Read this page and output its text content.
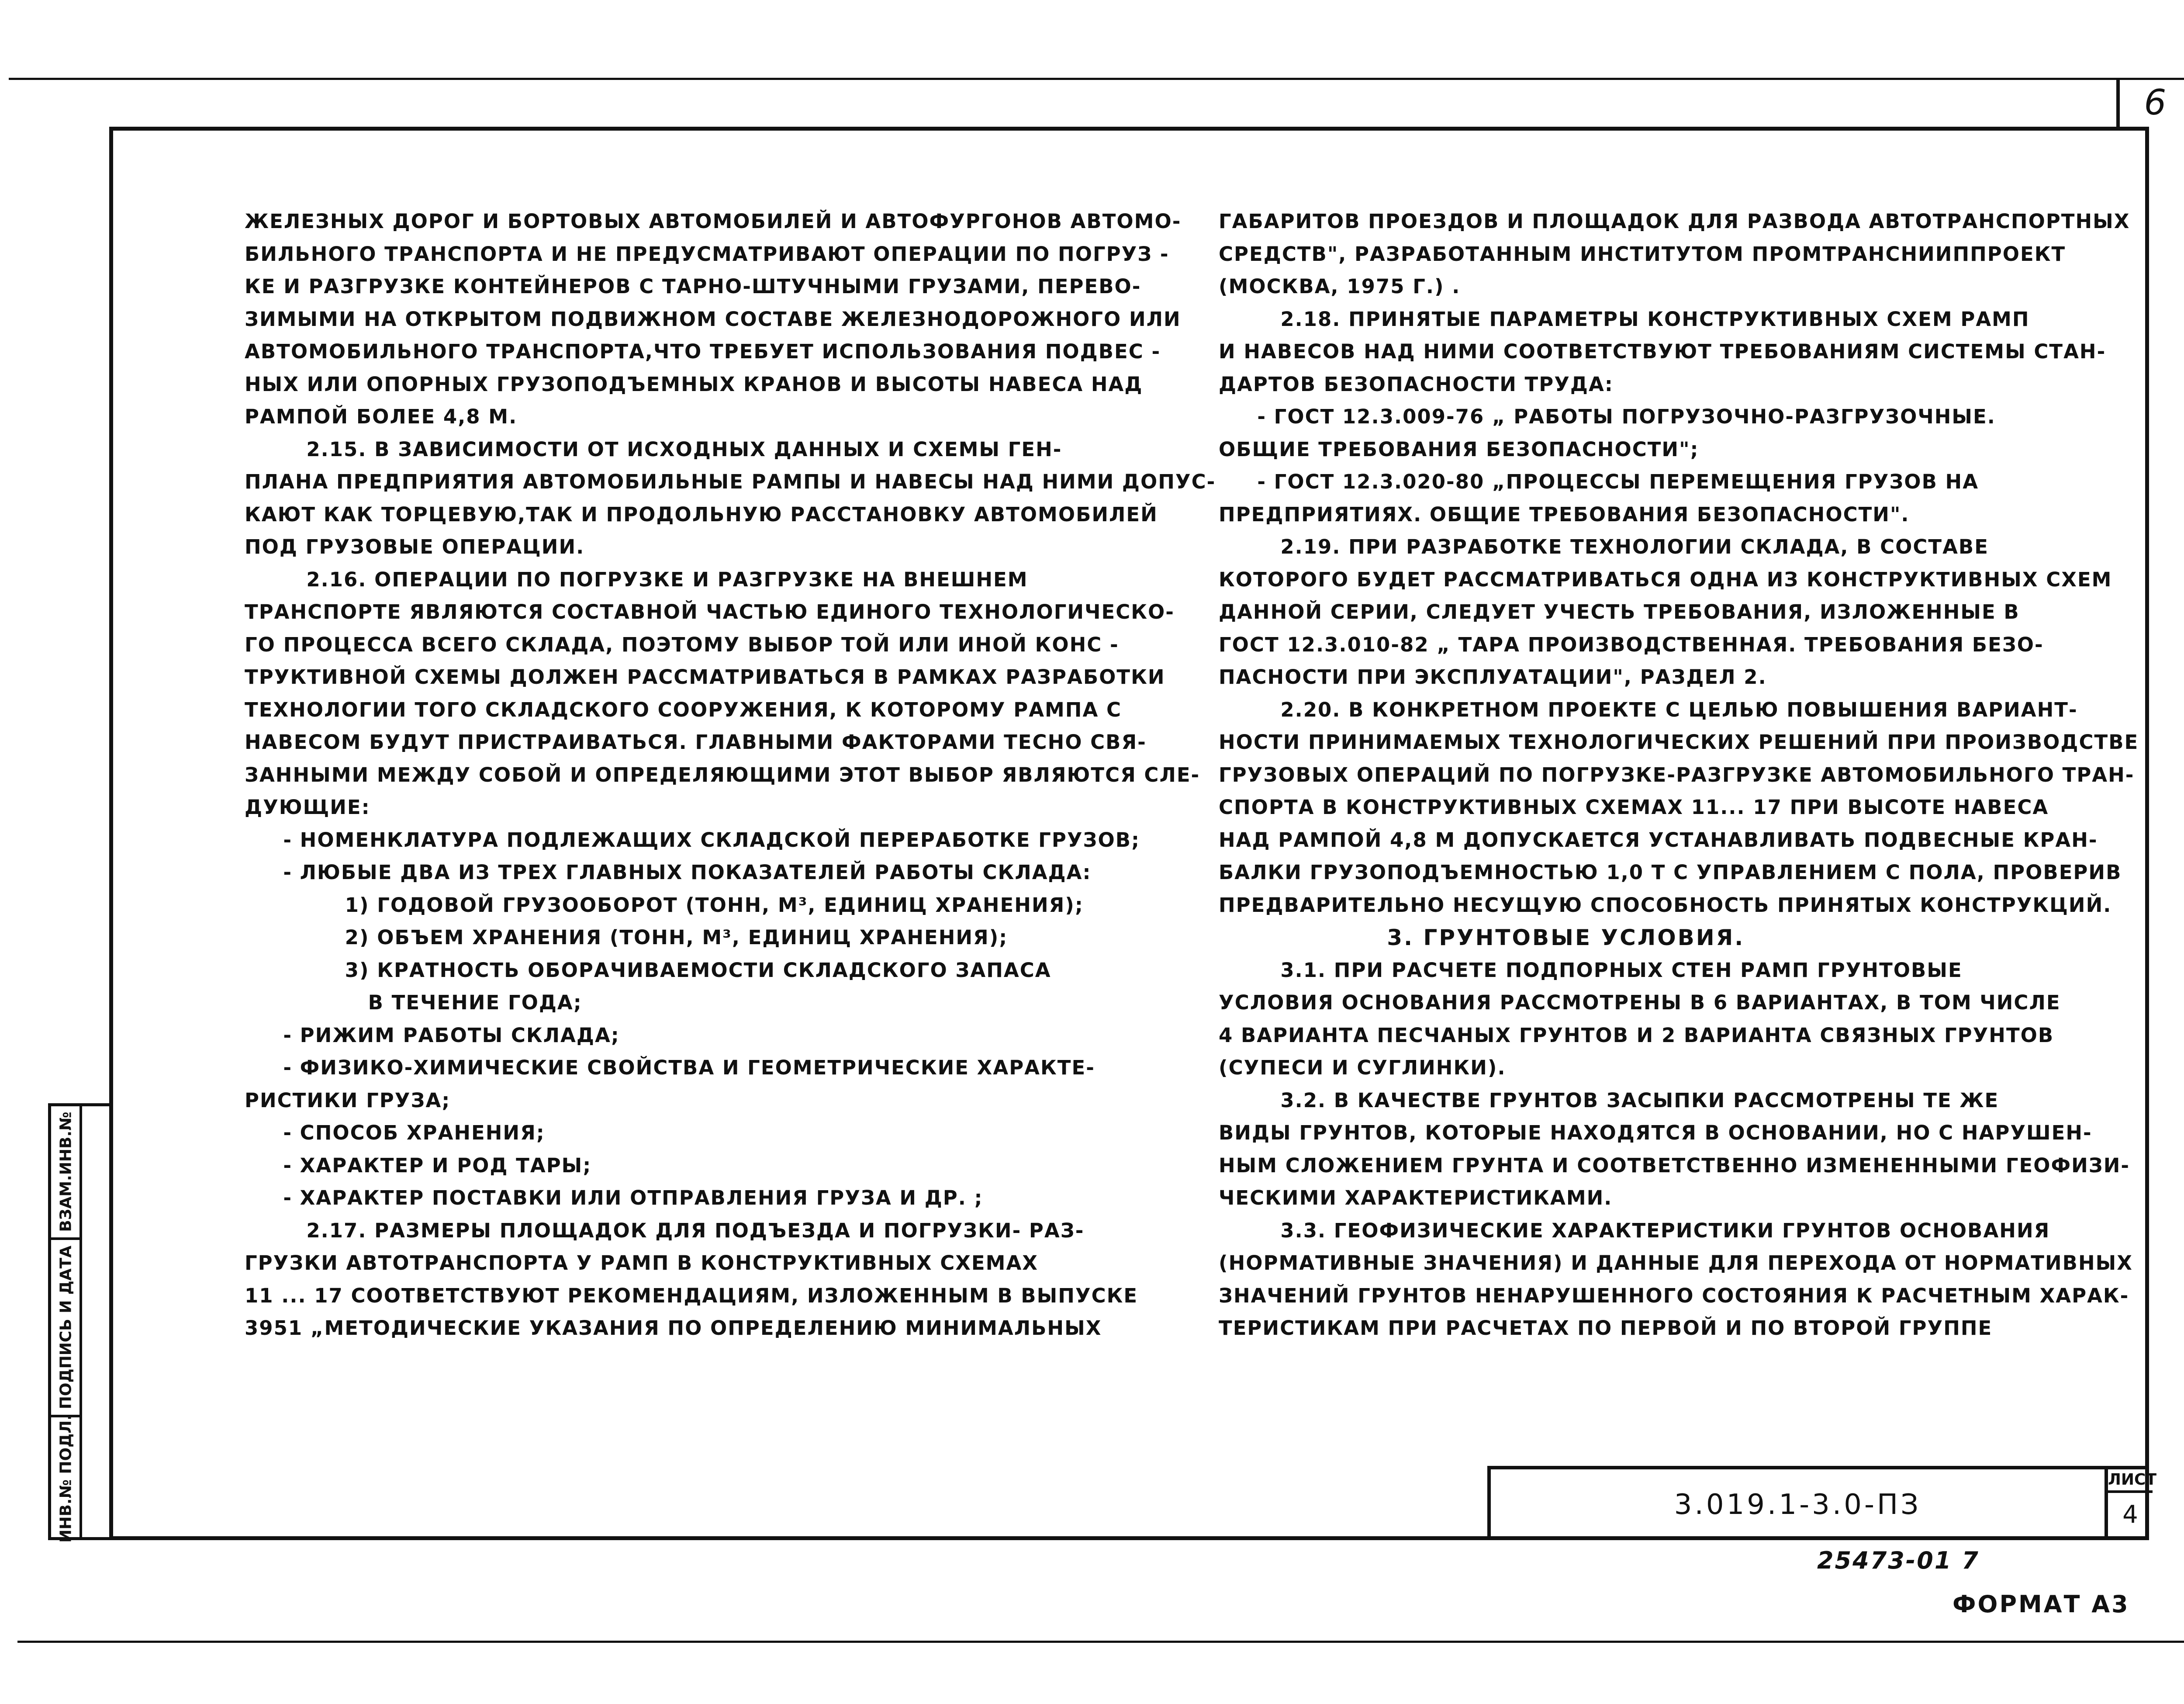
6
ЖЕЛЕЗНЫХ ДОРОГ И БОРТОВЫХ АВТОМОБИЛЕЙ И АВТОФУРГОНОВ АВТОМО-
БИЛЬНОГО ТРАНСПОРТА И НЕ ПРЕДУСМАТРИВАЮТ ОПЕРАЦИИ ПО ПОГРУЗ -
КЕ И РАЗГРУЗКЕ КОНТЕЙНЕРОВ С ТАРНО-ШТУЧНЫМИ ГРУЗАМИ, ПЕРЕВО-
ЗИМЫМИ НА ОТКРЫТОМ ПОДВИЖНОМ СОСТАВЕ ЖЕЛЕЗНОДОРОЖНОГО ИЛИ
АВТОМОБИЛЬНОГО ТРАНСПОРТА,ЧТО ТРЕБУЕТ ИСПОЛЬЗОВАНИЯ ПОДВЕС -
НЫХ ИЛИ ОПОРНЫХ ГРУЗОПОДЪЕМНЫХ КРАНОВ И ВЫСОТЫ НАВЕСА НАД
РАМПОЙ БОЛЕЕ 4,8 М.
2.15. В ЗАВИСИМОСТИ ОТ ИСХОДНЫХ ДАННЫХ И СХЕМЫ ГЕН-
ПЛАНА ПРЕДПРИЯТИЯ АВТОМОБИЛЬНЫЕ РАМПЫ И НАВЕСЫ НАД НИМИ ДОПУС-
КАЮТ КАК ТОРЦЕВУЮ,ТАК И ПРОДОЛЬНУЮ РАССТАНОВКУ АВТОМОБИЛЕЙ
ПОД ГРУЗОВЫЕ ОПЕРАЦИИ.
2.16. ОПЕРАЦИИ ПО ПОГРУЗКЕ И РАЗГРУЗКЕ НА ВНЕШНЕМ
ТРАНСПОРТЕ ЯВЛЯЮТСЯ СОСТАВНОЙ ЧАСТЬЮ ЕДИНОГО ТЕХНОЛОГИЧЕСКО-
ГО ПРОЦЕССА ВСЕГО СКЛАДА, ПОЭТОМУ ВЫБОР ТОЙ ИЛИ ИНОЙ КОНС -
ТРУКТИВНОЙ СХЕМЫ ДОЛЖЕН РАССМАТРИВАТЬСЯ В РАМКАХ РАЗРАБОТКИ
ТЕХНОЛОГИИ ТОГО СКЛАДСКОГО СООРУЖЕНИЯ, К КОТОРОМУ РАМПА С
НАВЕСОМ БУДУТ ПРИСТРАИВАТЬСЯ. ГЛАВНЫМИ ФАКТОРАМИ ТЕСНО СВЯ-
ЗАННЫМИ МЕЖДУ СОБОЙ И ОПРЕДЕЛЯЮЩИМИ ЭТОТ ВЫБОР ЯВЛЯЮТСЯ СЛЕ-
ДУЮЩИЕ:
- НОМЕНКЛАТУРА ПОДЛЕЖАЩИХ СКЛАДСКОЙ ПЕРЕРАБОТКЕ ГРУЗОВ;
- ЛЮБЫЕ ДВА ИЗ ТРЕХ ГЛАВНЫХ ПОКАЗАТЕЛЕЙ РАБОТЫ СКЛАДА:
1) ГОДОВОЙ ГРУЗООБОРОТ (ТОНН, М³, ЕДИНИЦ ХРАНЕНИЯ);
2) ОБЪЕМ ХРАНЕНИЯ (ТОНН, М³, ЕДИНИЦ ХРАНЕНИЯ);
3) КРАТНОСТЬ ОБОРАЧИВАЕМОСТИ СКЛАДСКОГО ЗАПАСА
В ТЕЧЕНИЕ ГОДА;
- РИЖИМ РАБОТЫ СКЛАДА;
- ФИЗИКО-ХИМИЧЕСКИЕ СВОЙСТВА И ГЕОМЕТРИЧЕСКИЕ ХАРАКТЕ-
РИСТИКИ ГРУЗА;
- СПОСОБ ХРАНЕНИЯ;
- ХАРАКТЕР И РОД ТАРЫ;
- ХАРАКТЕР ПОСТАВКИ ИЛИ ОТПРАВЛЕНИЯ ГРУЗА И ДР. ;
2.17. РАЗМЕРЫ ПЛОЩАДОК ДЛЯ ПОДЪЕЗДА И ПОГРУЗКИ- РАЗ-
ГРУЗКИ АВТОТРАНСПОРТА У РАМП В КОНСТРУКТИВНЫХ СХЕМАХ
11 ... 17 СООТВЕТСТВУЮТ РЕКОМЕНДАЦИЯМ, ИЗЛОЖЕННЫМ В ВЫПУСКЕ
3951 „МЕТОДИЧЕСКИЕ УКАЗАНИЯ ПО ОПРЕДЕЛЕНИЮ МИНИМАЛЬНЫХ
ГАБАРИТОВ ПРОЕЗДОВ И ПЛОЩАДОК ДЛЯ РАЗВОДА АВТОТРАНСПОРТНЫХ
СРЕДСТВ", РАЗРАБОТАННЫМ ИНСТИТУТОМ ПРОМТРАНСНИИППРОЕКТ
(МОСКВА, 1975 Г.) .
2.18. ПРИНЯТЫЕ ПАРАМЕТРЫ КОНСТРУКТИВНЫХ СХЕМ РАМП
И НАВЕСОВ НАД НИМИ СООТВЕТСТВУЮТ ТРЕБОВАНИЯМ СИСТЕМЫ СТАН-
ДАРТОВ БЕЗОПАСНОСТИ ТРУДА:
- ГОСТ 12.3.009-76 „ РАБОТЫ ПОГРУЗОЧНО-РАЗГРУЗОЧНЫЕ.
ОБЩИЕ ТРЕБОВАНИЯ БЕЗОПАСНОСТИ";
- ГОСТ 12.3.020-80 „ПРОЦЕССЫ ПЕРЕМЕЩЕНИЯ ГРУЗОВ НА
ПРЕДПРИЯТИЯХ. ОБЩИЕ ТРЕБОВАНИЯ БЕЗОПАСНОСТИ".
2.19. ПРИ РАЗРАБОТКЕ ТЕХНОЛОГИИ СКЛАДА, В СОСТАВЕ
КОТОРОГО БУДЕТ РАССМАТРИВАТЬСЯ ОДНА ИЗ КОНСТРУКТИВНЫХ СХЕМ
ДАННОЙ СЕРИИ, СЛЕДУЕТ УЧЕСТЬ ТРЕБОВАНИЯ, ИЗЛОЖЕННЫЕ В
ГОСТ 12.3.010-82 „ ТАРА ПРОИЗВОДСТВЕННАЯ. ТРЕБОВАНИЯ БЕЗО-
ПАСНОСТИ ПРИ ЭКСПЛУАТАЦИИ", РАЗДЕЛ 2.
2.20. В КОНКРЕТНОМ ПРОЕКТЕ С ЦЕЛЬЮ ПОВЫШЕНИЯ ВАРИАНТ-
НОСТИ ПРИНИМАЕМЫХ ТЕХНОЛОГИЧЕСКИХ РЕШЕНИЙ ПРИ ПРОИЗВОДСТВЕ
ГРУЗОВЫХ ОПЕРАЦИЙ ПО ПОГРУЗКЕ-РАЗГРУЗКЕ АВТОМОБИЛЬНОГО ТРАН-
СПОРТА В КОНСТРУКТИВНЫХ СХЕМАХ 11... 17 ПРИ ВЫСОТЕ НАВЕСА
НАД РАМПОЙ 4,8 М ДОПУСКАЕТСЯ УСТАНАВЛИВАТЬ ПОДВЕСНЫЕ КРАН-
БАЛКИ ГРУЗОПОДЪЕМНОСТЬЮ 1,0 Т С УПРАВЛЕНИЕМ С ПОЛА, ПРОВЕРИВ
ПРЕДВАРИТЕЛЬНО НЕСУЩУЮ СПОСОБНОСТЬ ПРИНЯТЫХ КОНСТРУКЦИЙ.
3. ГРУНТОВЫЕ УСЛОВИЯ.
3.1. ПРИ РАСЧЕТЕ ПОДПОРНЫХ СТЕН РАМП ГРУНТОВЫЕ
УСЛОВИЯ ОСНОВАНИЯ РАССМОТРЕНЫ В 6 ВАРИАНТАХ, В ТОМ ЧИСЛЕ
4 ВАРИАНТА ПЕСЧАНЫХ ГРУНТОВ И 2 ВАРИАНТА СВЯЗНЫХ ГРУНТОВ
(СУПЕСИ И СУГЛИНКИ).
3.2. В КАЧЕСТВЕ ГРУНТОВ ЗАСЫПКИ РАССМОТРЕНЫ ТЕ ЖЕ
ВИДЫ ГРУНТОВ, КОТОРЫЕ НАХОДЯТСЯ В ОСНОВАНИИ, НО С НАРУШЕН-
НЫМ СЛОЖЕНИЕМ ГРУНТА И СООТВЕТСТВЕННО ИЗМЕНЕННЫМИ ГЕОФИЗИ-
ЧЕСКИМИ ХАРАКТЕРИСТИКАМИ.
3.3. ГЕОФИЗИЧЕСКИЕ ХАРАКТЕРИСТИКИ ГРУНТОВ ОСНОВАНИЯ
(НОРМАТИВНЫЕ ЗНАЧЕНИЯ) И ДАННЫЕ ДЛЯ ПЕРЕХОДА ОТ НОРМАТИВНЫХ
ЗНАЧЕНИЙ ГРУНТОВ НЕНАРУШЕННОГО СОСТОЯНИЯ К РАСЧЕТНЫМ ХАРАК-
ТЕРИСТИКАМ ПРИ РАСЧЕТАХ ПО ПЕРВОЙ И ПО ВТОРОЙ ГРУППЕ
ВЗАМ.ИНВ.№
ПОДПИСЬ И ДАТА
ИНВ.№ ПОДЛ.	3.019.1-3.0-ПЗ
ЛИСТ
4
25473-01 7
ФОРМАТ А3
